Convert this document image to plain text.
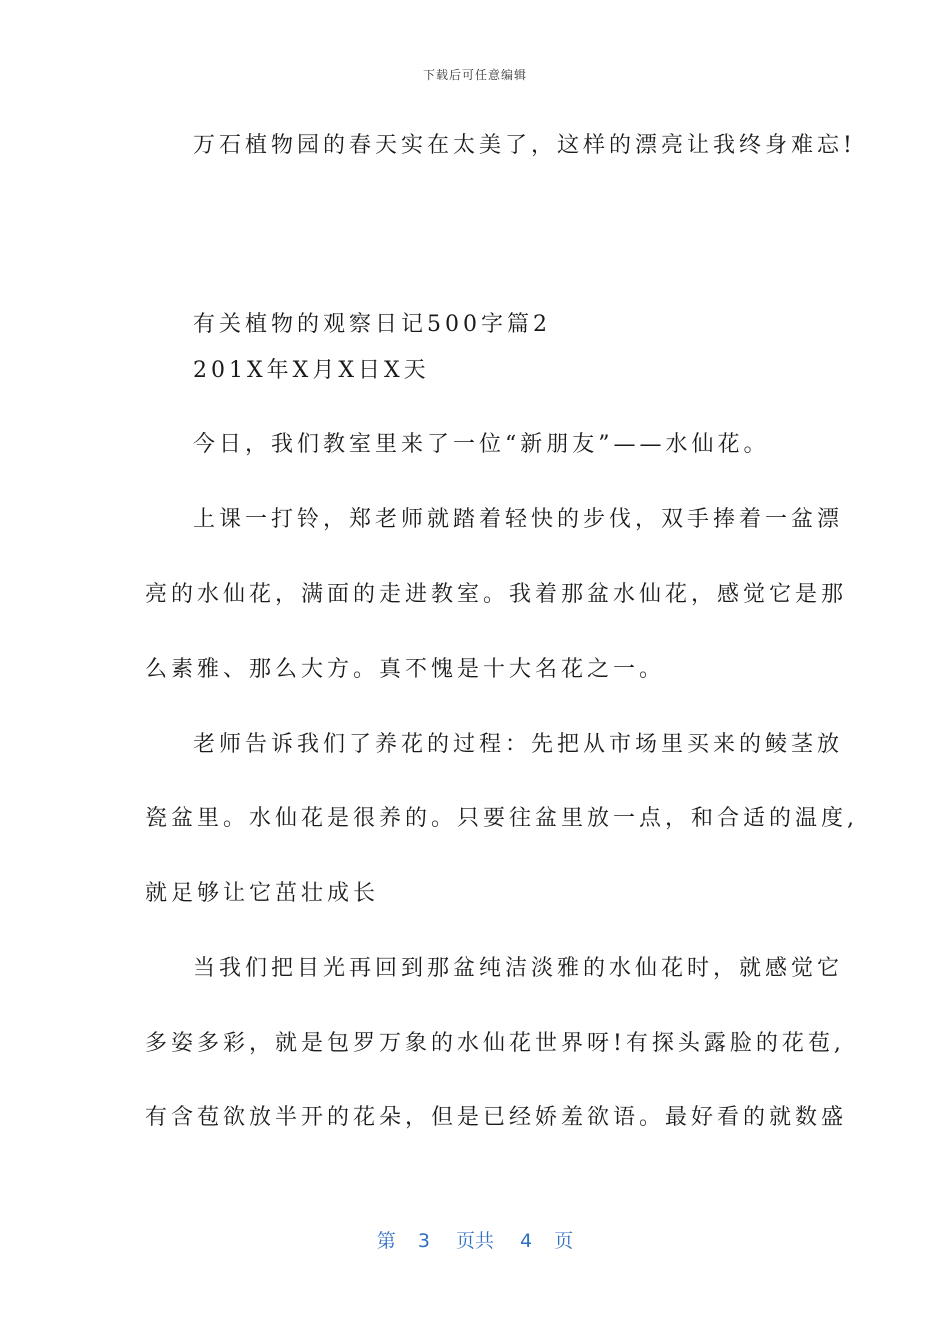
下载后可任意编辑
万石植物园的春天实在太美了，这样的漂亮让我终身难忘!
有关植物的观察日记500字篇2
201X年X月X日X天
今日，我们教室里来了一位“新朋友”——水仙花。
上课一打铃，郑老师就踏着轻快的步伐，双手捧着一盆漂
亮的水仙花，满面的走进教室。我着那盆水仙花，感觉它是那
么素雅、那么大方。真不愧是十大名花之一。
老师告诉我们了养花的过程：先把从市场里买来的鲮茎放
瓷盆里。水仙花是很养的。只要往盆里放一点，和合适的温度,
就足够让它茁壮成长
当我们把目光再回到那盆纯洁淡雅的水仙花时，就感觉它
多姿多彩，就是包罗万象的水仙花世界呀!有探头露脸的花苞,
有含苞欲放半开的花朵，但是已经娇羞欲语。最好看的就数盛
第 3 页共 4 页
